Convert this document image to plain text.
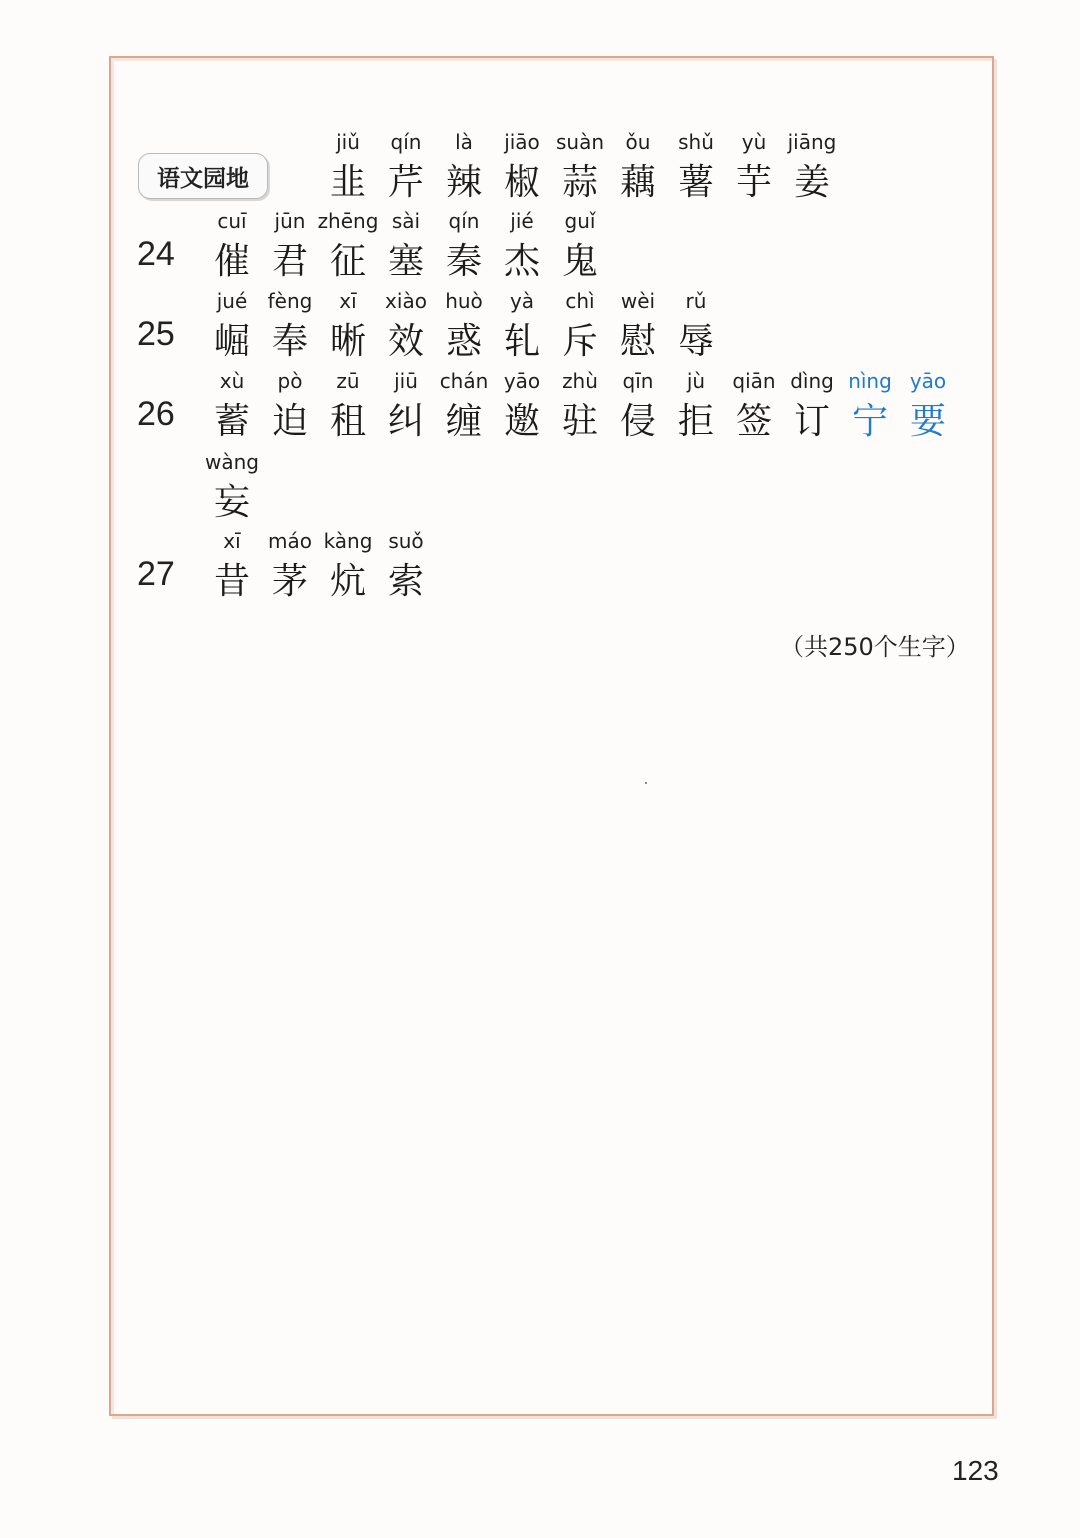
语文园地
jiǔ
韭
qín
芹
là
辣
jiāo
椒
suàn
蒜
ǒu
藕
shǔ
薯
yù
芋
jiāng
姜
24
cuī
催
jūn
君
zhēng
征
sài
塞
qín
秦
jié
杰
guǐ
鬼
25
jué
崛
fèng
奉
xī
晰
xiào
效
huò
惑
yà
轧
chì
斥
wèi
慰
rǔ
辱
26
xù
蓄
pò
迫
zū
租
jiū
纠
chán
缠
yāo
邀
zhù
驻
qīn
侵
jù
拒
qiān
签
dìng
订
nìng
宁
yāo
要
wàng
妄
27
xī
昔
máo
茅
kàng
炕
suǒ
索
（共250个生字）
123
